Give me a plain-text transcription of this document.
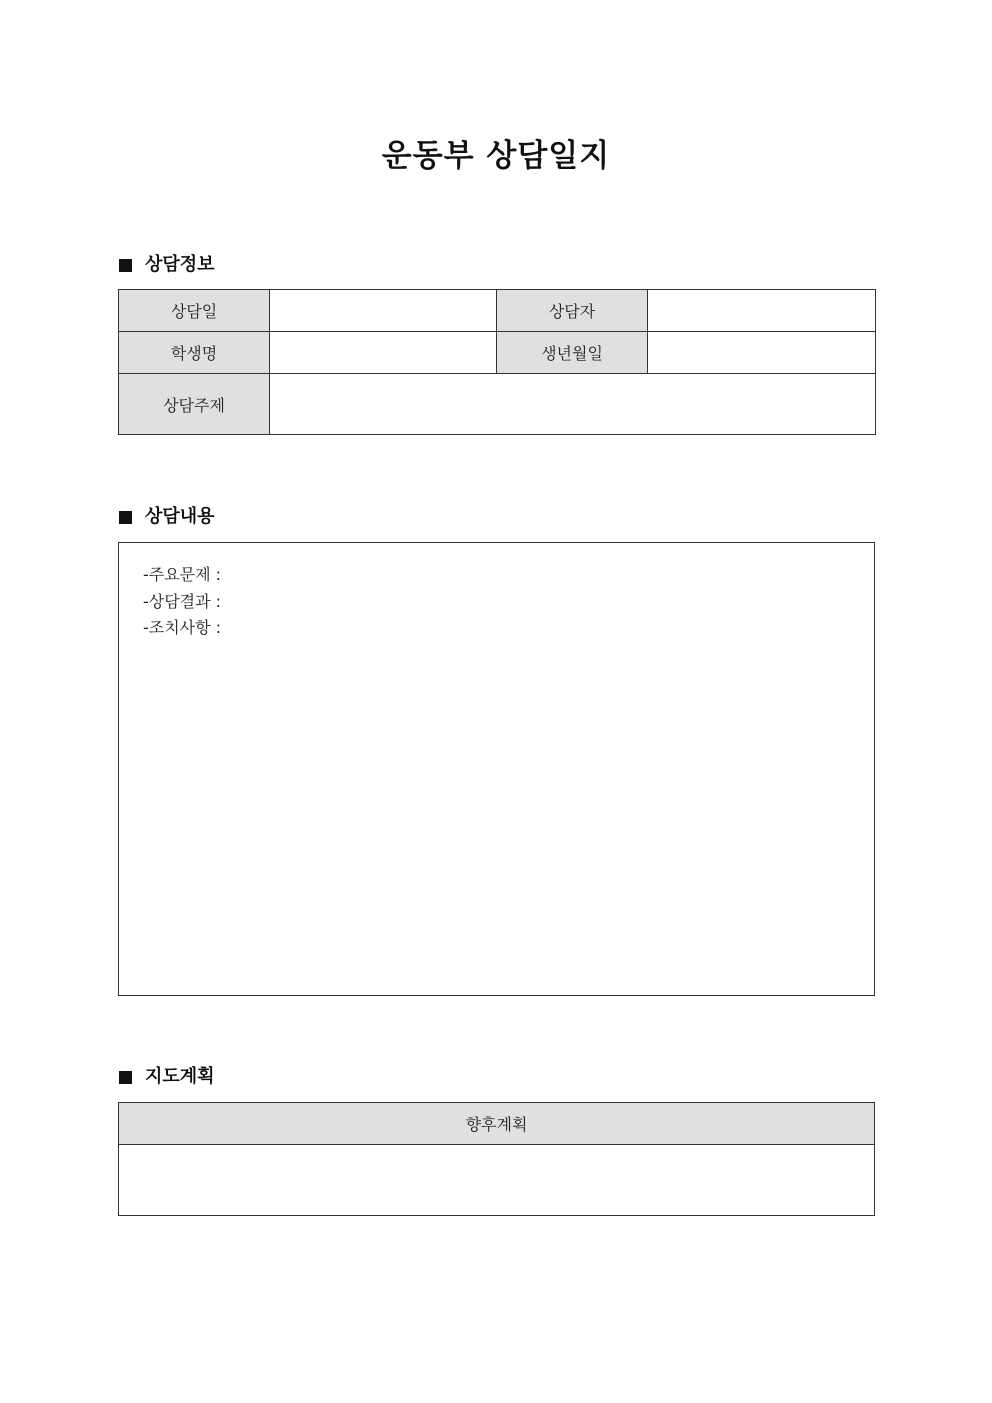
운동부 상담일지
상담정보
상담일		상담자	
학생명		생년월일	
상담주제			
상담내용
-주요문제 :
-상담결과 :
-조치사항 :
지도계획
향후계획
